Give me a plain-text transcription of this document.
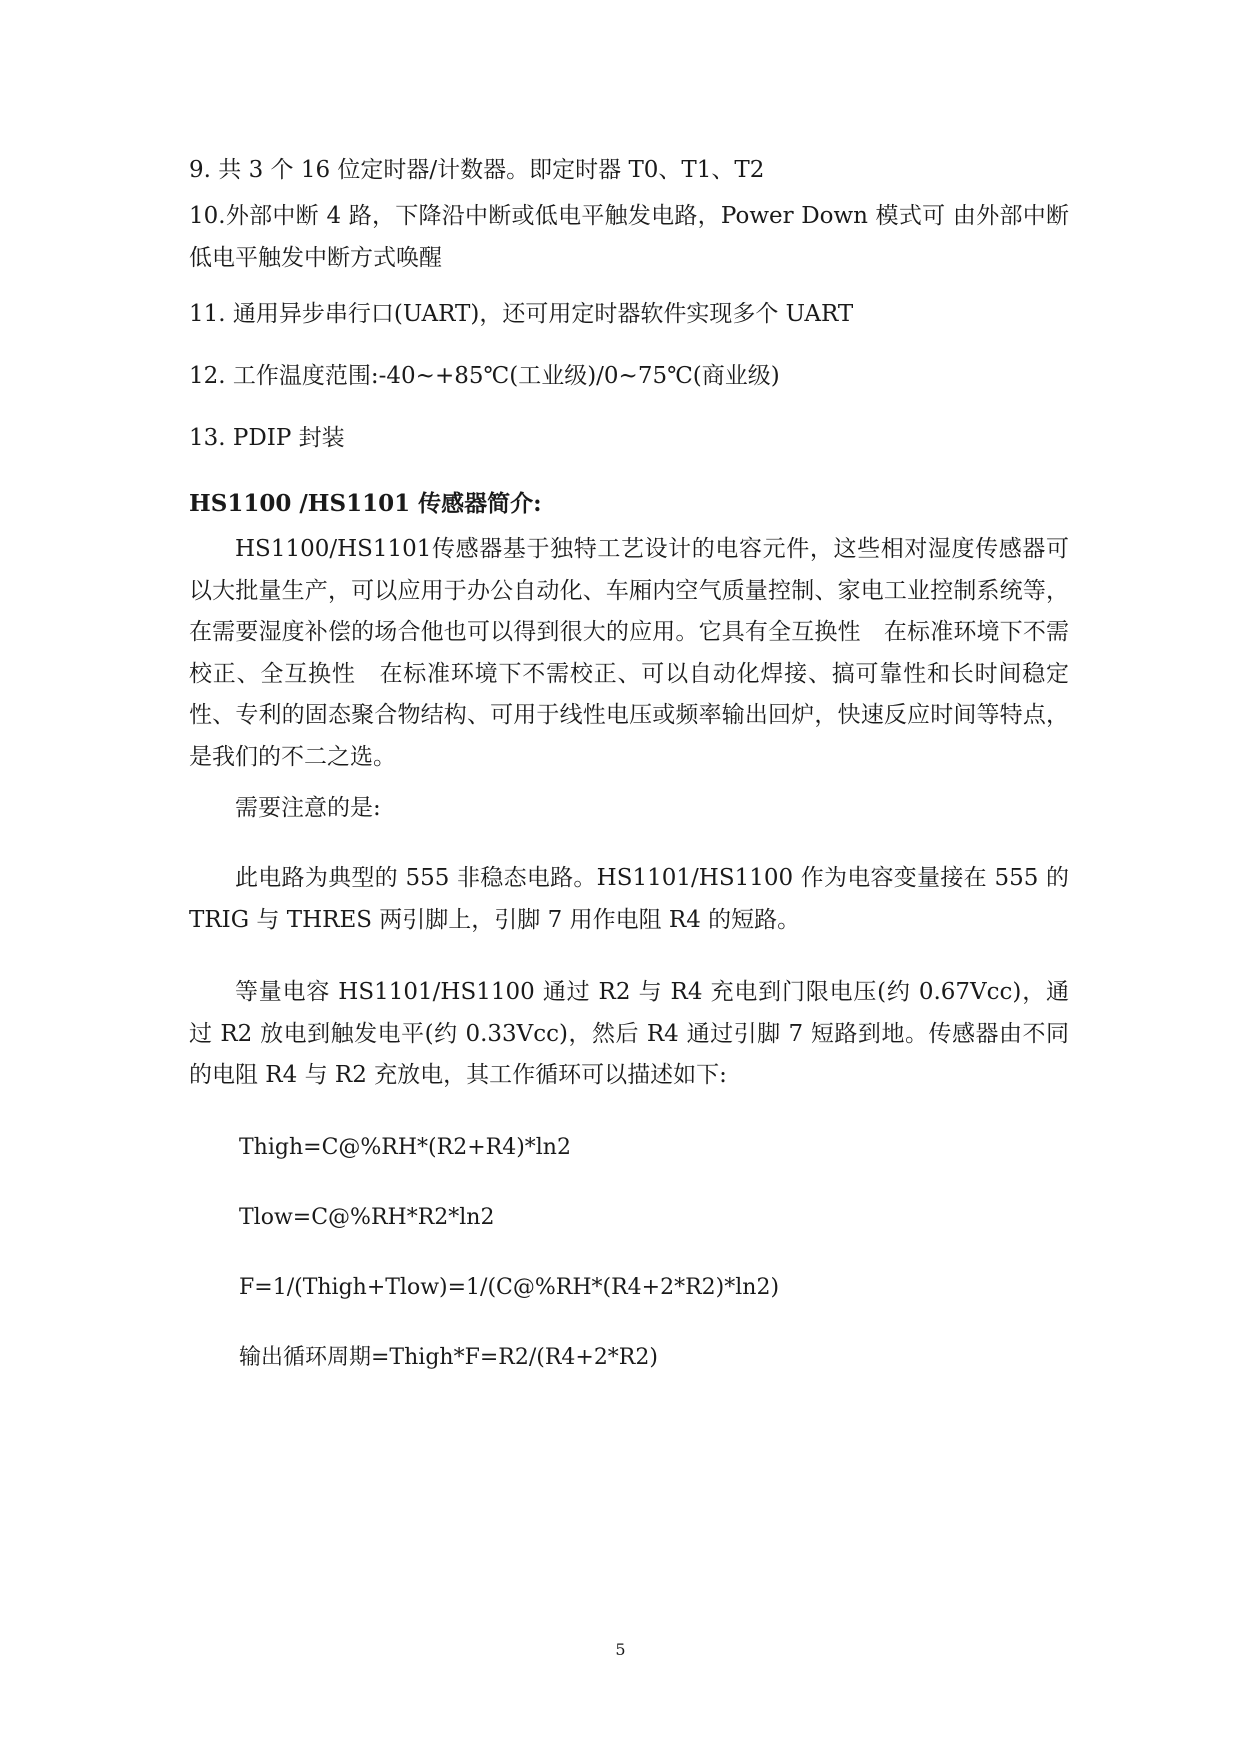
9. 共 3 个 16 位定时器/计数器。即定时器 T0、T1、T2

10.外部中断 4 路，下降沿中断或低电平触发电路，Power Down 模式可 由外部中断低电平触发中断方式唤醒

11. 通用异步串行口(UART)，还可用定时器软件实现多个 UART

12. 工作温度范围:-40~+85℃(工业级)/0~75℃(商业级)

13. PDIP 封装

HS1100 /HS1101 传感器简介:

HS1100/HS1101传感器基于独特工艺设计的电容元件，这些相对湿度传感器可以大批量生产，可以应用于办公自动化、车厢内空气质量控制、家电工业控制系统等，在需要湿度补偿的场合他也可以得到很大的应用。它具有全互换性　在标准环境下不需校正、全互换性　在标准环境下不需校正、可以自动化焊接、搞可靠性和长时间稳定性、专利的固态聚合物结构、可用于线性电压或频率输出回炉，快速反应时间等特点，是我们的不二之选。

需要注意的是:

此电路为典型的 555 非稳态电路。HS1101/HS1100 作为电容变量接在 555 的 TRIG 与 THRES 两引脚上，引脚 7 用作电阻 R4 的短路。

等量电容 HS1101/HS1100 通过 R2 与 R4 充电到门限电压(约 0.67Vcc)，通过 R2 放电到触发电平(约 0.33Vcc)，然后 R4 通过引脚 7 短路到地。传感器由不同的电阻 R4 与 R2 充放电，其工作循环可以描述如下:

Thigh=C@%RH*(R2+R4)*ln2

Tlow=C@%RH*R2*ln2

F=1/(Thigh+Tlow)=1/(C@%RH*(R4+2*R2)*ln2)

输出循环周期=Thigh*F=R2/(R4+2*R2)

5
